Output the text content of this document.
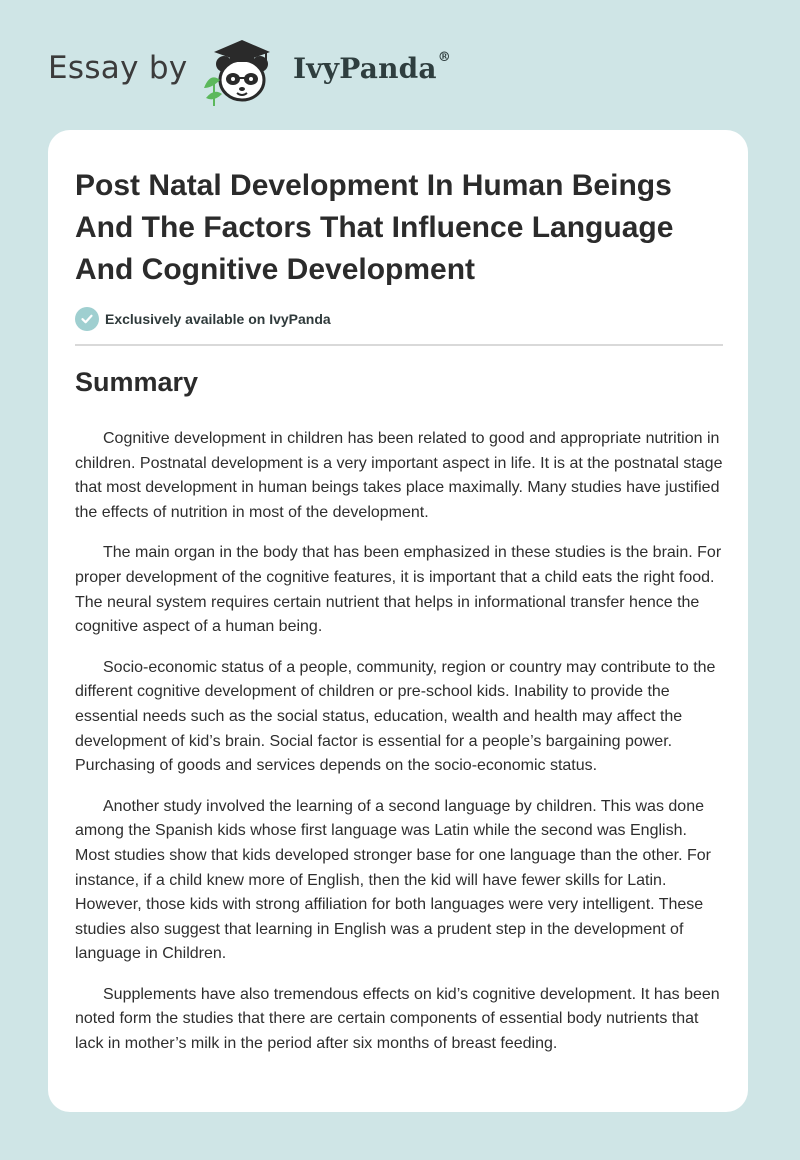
Essay by	IvyPanda®
Post Natal Development In Human Beings And The Factors That Influence Language And Cognitive Development
Exclusively available on IvyPanda
Summary

Cognitive development in children has been related to good and appropriate nutrition in children. Postnatal development is a very important aspect in life. It is at the postnatal stage that most development in human beings takes place maximally. Many studies have justified the effects of nutrition in most of the development.

The main organ in the body that has been emphasized in these studies is the brain. For proper development of the cognitive features, it is important that a child eats the right food. The neural system requires certain nutrient that helps in informational transfer hence the cognitive aspect of a human being.

Socio-economic status of a people, community, region or country may contribute to the different cognitive development of children or pre-school kids. Inability to provide the essential needs such as the social status, education, wealth and health may affect the development of kid’s brain. Social factor is essential for a people’s bargaining power. Purchasing of goods and services depends on the socio-economic status.

Another study involved the learning of a second language by children. This was done among the Spanish kids whose first language was Latin while the second was English. Most studies show that kids developed stronger base for one language than the other. For instance, if a child knew more of English, then the kid will have fewer skills for Latin. However, those kids with strong affiliation for both languages were very intelligent. These studies also suggest that learning in English was a prudent step in the development of language in Children.

Supplements have also tremendous effects on kid’s cognitive development. It has been noted form the studies that there are certain components of essential body nutrients that lack in mother’s milk in the period after six months of breast feeding.
